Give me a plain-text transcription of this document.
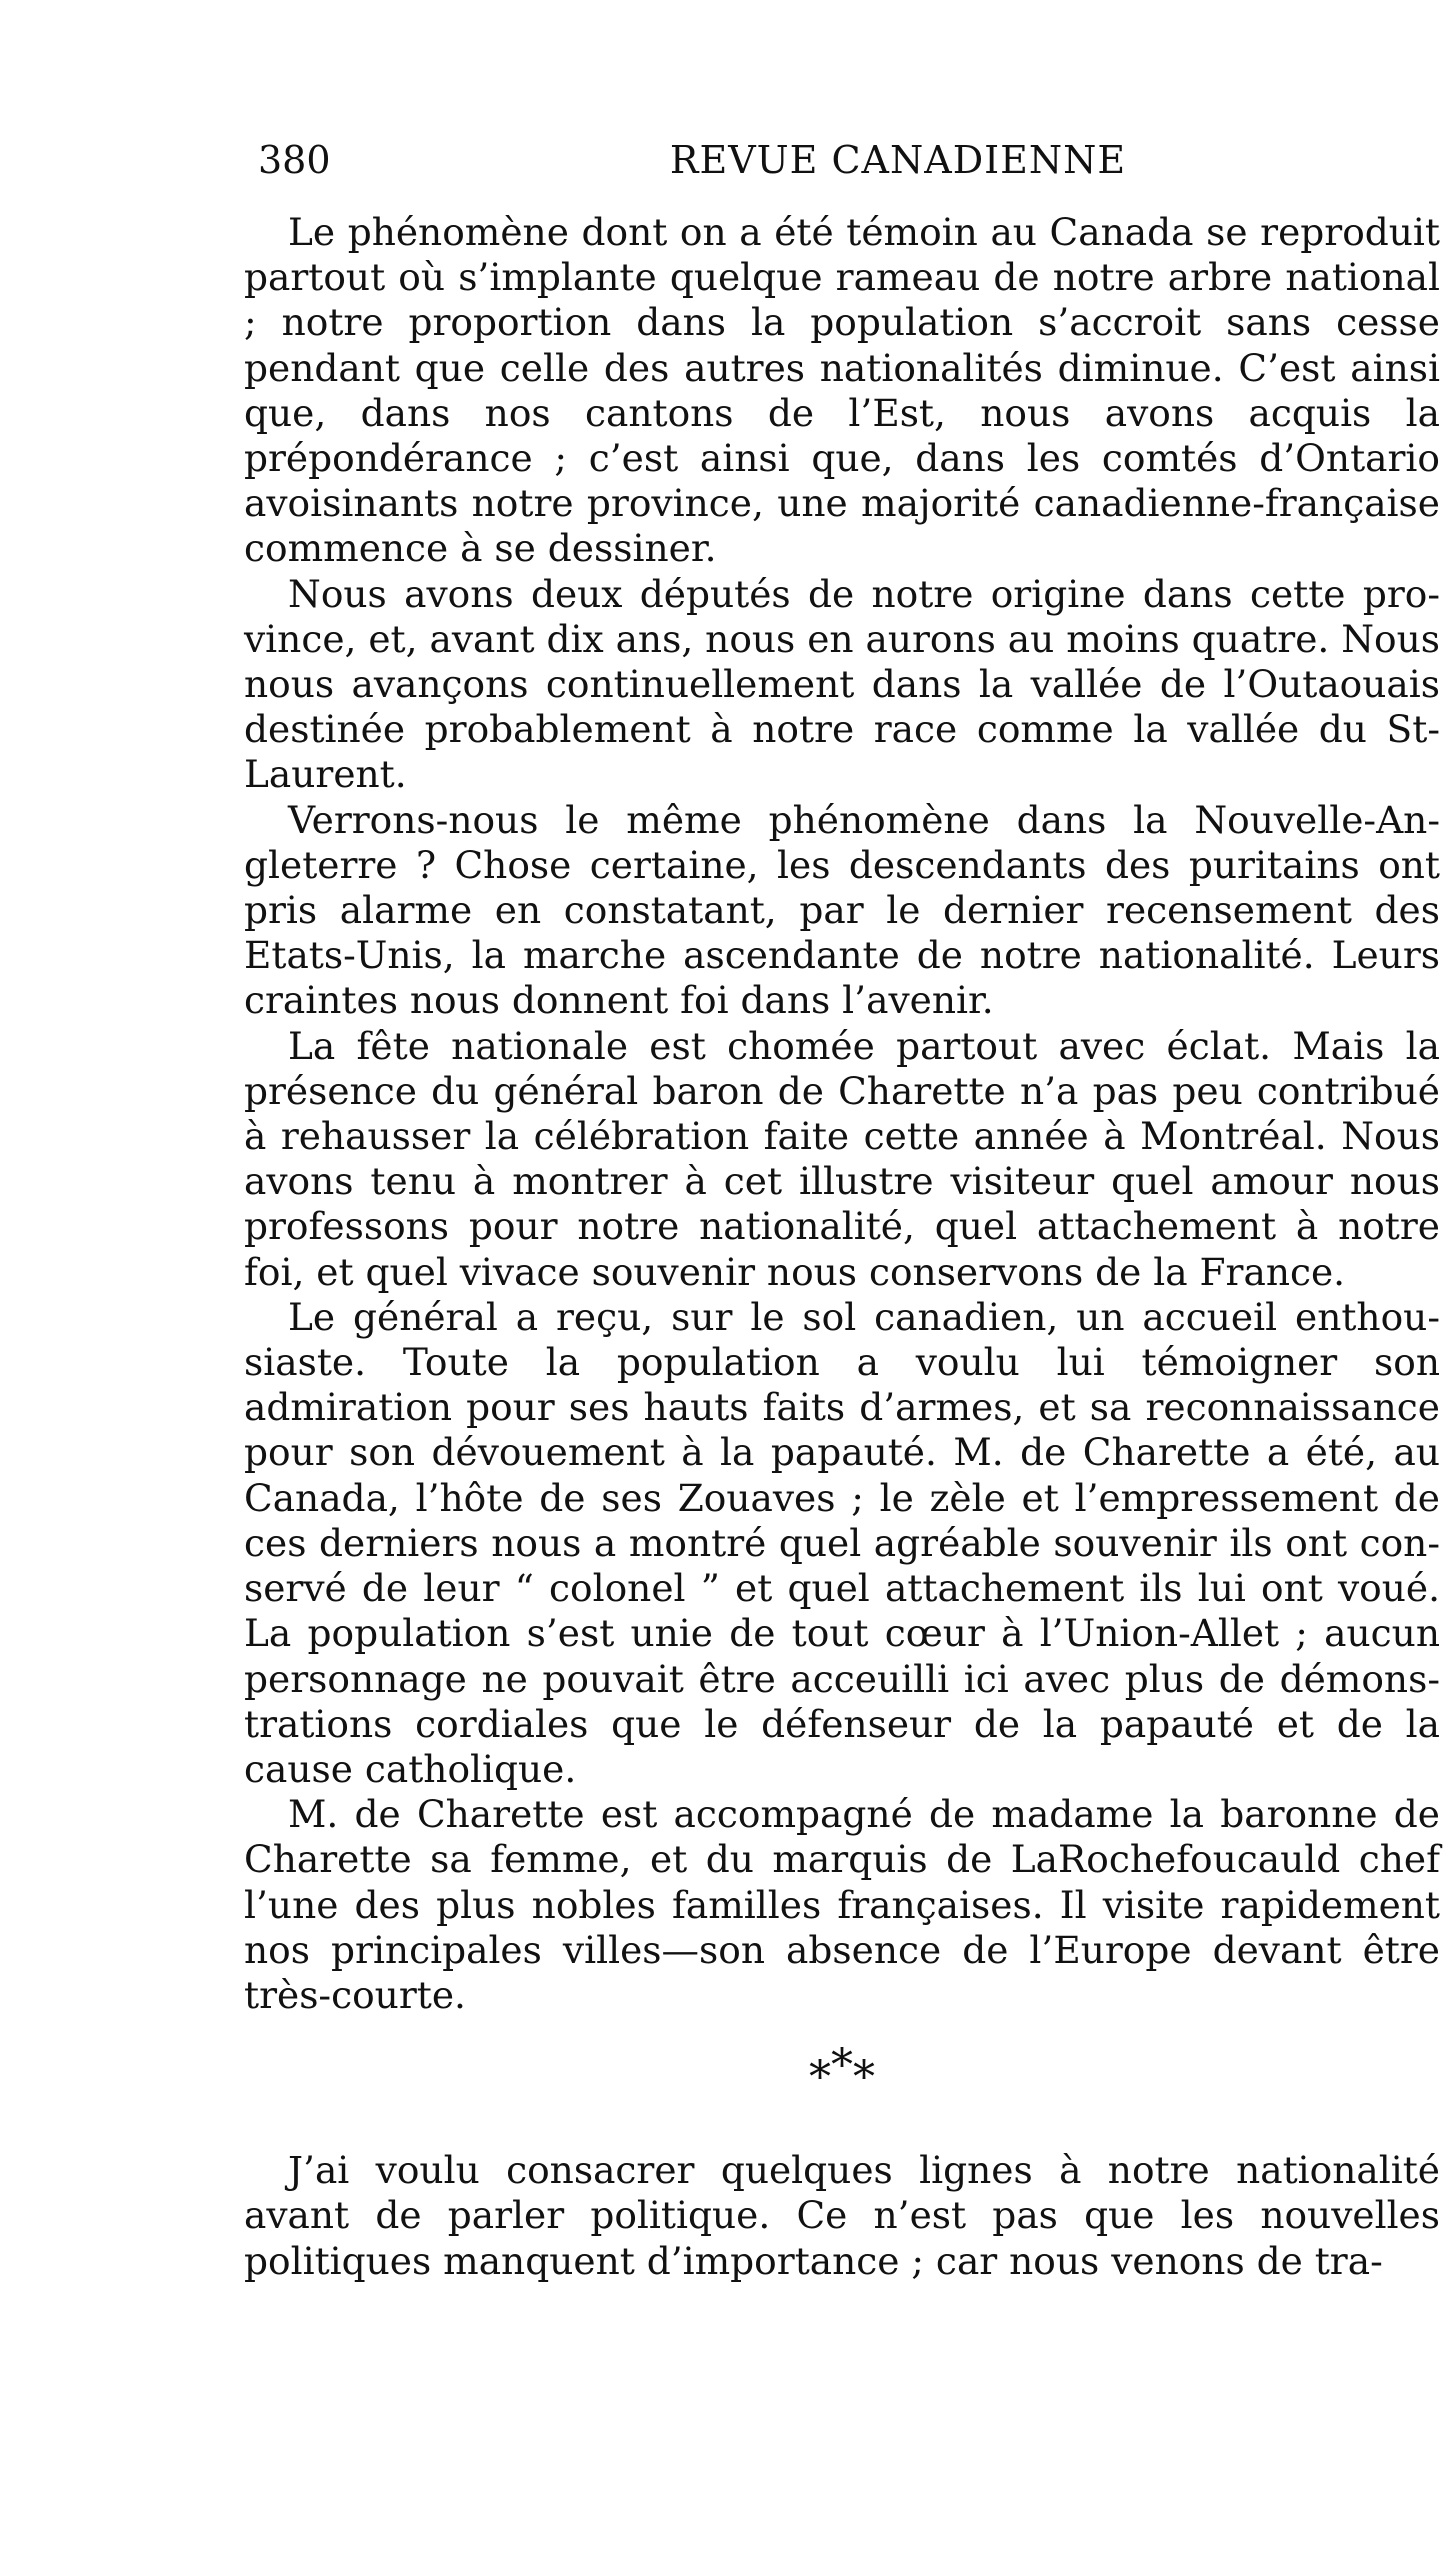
380	REVUE CANADIENNE

Le phénomène dont on a été témoin au Canada se reproduit partout où s’implante quelque rameau de notre arbre national ; notre proportion dans la population s’accroit sans cesse pendant que celle des autres nationalités diminue. C’est ainsi que, dans nos cantons de l’Est, nous avons acquis la prépondérance ; c’est ainsi que, dans les comtés d’Ontario avoisinants notre province, une majorité canadienne-française commence à se dessiner.

Nous avons deux députés de notre origine dans cette province, et, avant dix ans, nous en aurons au moins quatre. Nous nous avançons continuellement dans la vallée de l’Outaouais destinée probablement à notre race comme la vallée du St-Laurent.

Verrons-nous le même phénomène dans la Nouvelle-Angleterre ? Chose certaine, les descendants des puritains ont pris alarme en constatant, par le dernier recensement des Etats-Unis, la marche ascendante de notre nationalité. Leurs craintes nous donnent foi dans l’avenir.

La fête nationale est chomée partout avec éclat. Mais la présence du général baron de Charette n’a pas peu contribué à rehausser la célébration faite cette année à Montréal. Nous avons tenu à montrer à cet illustre visiteur quel amour nous professons pour notre nationalité, quel attachement à notre foi, et quel vivace souvenir nous conservons de la France.

Le général a reçu, sur le sol canadien, un accueil enthousiaste. Toute la population a voulu lui témoigner son admiration pour ses hauts faits d’armes, et sa reconnaissance pour son dévouement à la papauté. M. de Charette a été, au Canada, l’hôte de ses Zouaves ; le zèle et l’empressement de ces derniers nous a montré quel agréable souvenir ils ont conservé de leur “ colonel ” et quel attachement ils lui ont voué. La population s’est unie de tout cœur à l’Union-Allet ; aucun personnage ne pouvait être acceuilli ici avec plus de démonstrations cordiales que le défenseur de la papauté et de la cause catholique.

M. de Charette est accompagné de madame la baronne de Charette sa femme, et du marquis de LaRochefoucauld chef l’une des plus nobles familles françaises. Il visite rapidement nos principales villes—son absence de l’Europe devant être très-courte.

***

J’ai voulu consacrer quelques lignes à notre nationalité avant de parler politique. Ce n’est pas que les nouvelles politiques manquent d’importance ; car nous venons de tra-
